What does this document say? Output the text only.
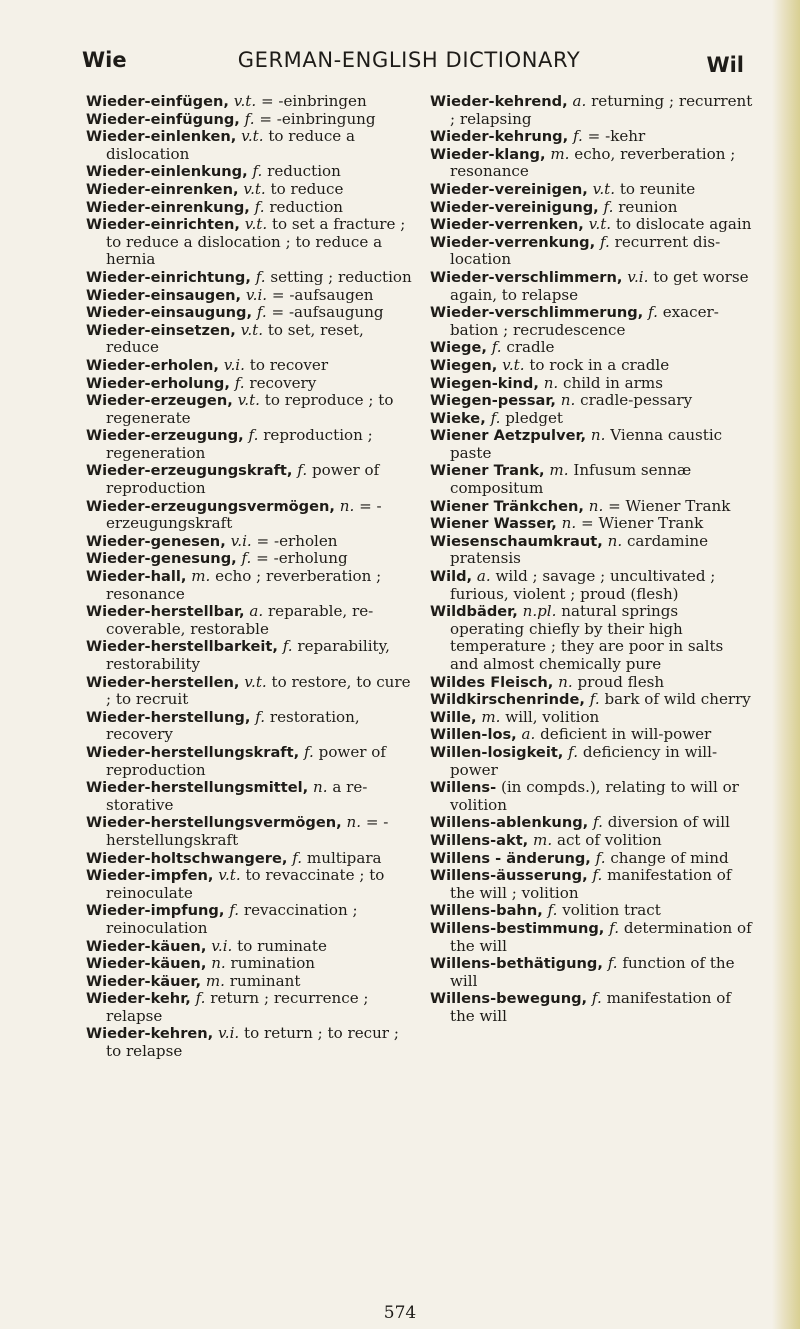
Wie	GERMAN-ENGLISH DICTIONARY	Wil

Wieder-einfügen, v.t. = -einbringen

Wieder-einfügung, f. = -einbringung

Wieder-einlenken, v.t. to reduce a dislocation

Wieder-einlenkung, f. reduction

Wieder-einrenken, v.t. to reduce

Wieder-einrenkung, f. reduction

Wieder-einrichten, v.t. to set a fracture ; to reduce a dislocation ; to reduce a hernia

Wieder-einrichtung, f. setting ; reduction

Wieder-einsaugen, v.i. = -aufsaugen

Wieder-einsaugung, f. = -aufsaugung

Wieder-einsetzen, v.t. to set, reset, reduce

Wieder-erholen, v.i. to recover

Wieder-erholung, f. recovery

Wieder-erzeugen, v.t. to reproduce ; to regenerate

Wieder-erzeugung, f. reproduction ; regeneration

Wieder-erzeugungskraft, f. power of reproduction

Wieder-erzeugungsvermögen, n. = -erzeugungskraft

Wieder-genesen, v.i. = -erholen

Wieder-genesung, f. = -erholung

Wieder-hall, m. echo ; reverberation ; resonance

Wieder-herstellbar, a. reparable, recoverable, restorable

Wieder-herstellbarkeit, f. reparability, restorability

Wieder-herstellen, v.t. to restore, to cure ; to recruit

Wieder-herstellung, f. restoration, recovery

Wieder-herstellungskraft, f. power of reproduction

Wieder-herstellungsmittel, n. a restorative

Wieder-herstellungsvermögen, n. = -herstellungskraft

Wieder-holtschwangere, f. multipara

Wieder-impfen, v.t. to revaccinate ; to reinoculate

Wieder-impfung, f. revaccination ; reinoculation

Wieder-käuen, v.i. to ruminate

Wieder-käuen, n. rumination

Wieder-käuer, m. ruminant

Wieder-kehr, f. return ; recurrence ; relapse

Wieder-kehren, v.i. to return ; to recur ; to relapse

Wieder-kehrend, a. returning ; recurrent ; relapsing

Wieder-kehrung, f. = -kehr

Wieder-klang, m. echo, reverberation ; resonance

Wieder-vereinigen, v.t. to reunite

Wieder-vereinigung, f. reunion

Wieder-verrenken, v.t. to dislocate again

Wieder-verrenkung, f. recurrent dislocation

Wieder-verschlimmern, v.i. to get worse again, to relapse

Wieder-verschlimmerung, f. exacerbation ; recrudescence

Wiege, f. cradle

Wiegen, v.t. to rock in a cradle

Wiegen-kind, n. child in arms

Wiegen-pessar, n. cradle-pessary

Wieke, f. pledget

Wiener Aetzpulver, n. Vienna caustic paste

Wiener Trank, m. Infusum sennæ compositum

Wiener Tränkchen, n. = Wiener Trank

Wiener Wasser, n. = Wiener Trank

Wiesenschaumkraut, n. cardamine pratensis

Wild, a. wild ; savage ; uncultivated ; furious, violent ; proud (flesh)

Wildbäder, n.pl. natural springs operating chiefly by their high temperature ; they are poor in salts and almost chemically pure

Wildes Fleisch, n. proud flesh

Wildkirschenrinde, f. bark of wild cherry

Wille, m. will, volition

Willen-los, a. deficient in will-power

Willen-losigkeit, f. deficiency in willpower

Willens- (in compds.), relating to will or volition

Willens-ablenkung, f. diversion of will

Willens-akt, m. act of volition

Willens - änderung, f. change of mind

Willens-äusserung, f. manifestation of the will ; volition

Willens-bahn, f. volition tract

Willens-bestimmung, f. determination of the will

Willens-bethätigung, f. function of the will

Willens-bewegung, f. manifestation of the will

574
